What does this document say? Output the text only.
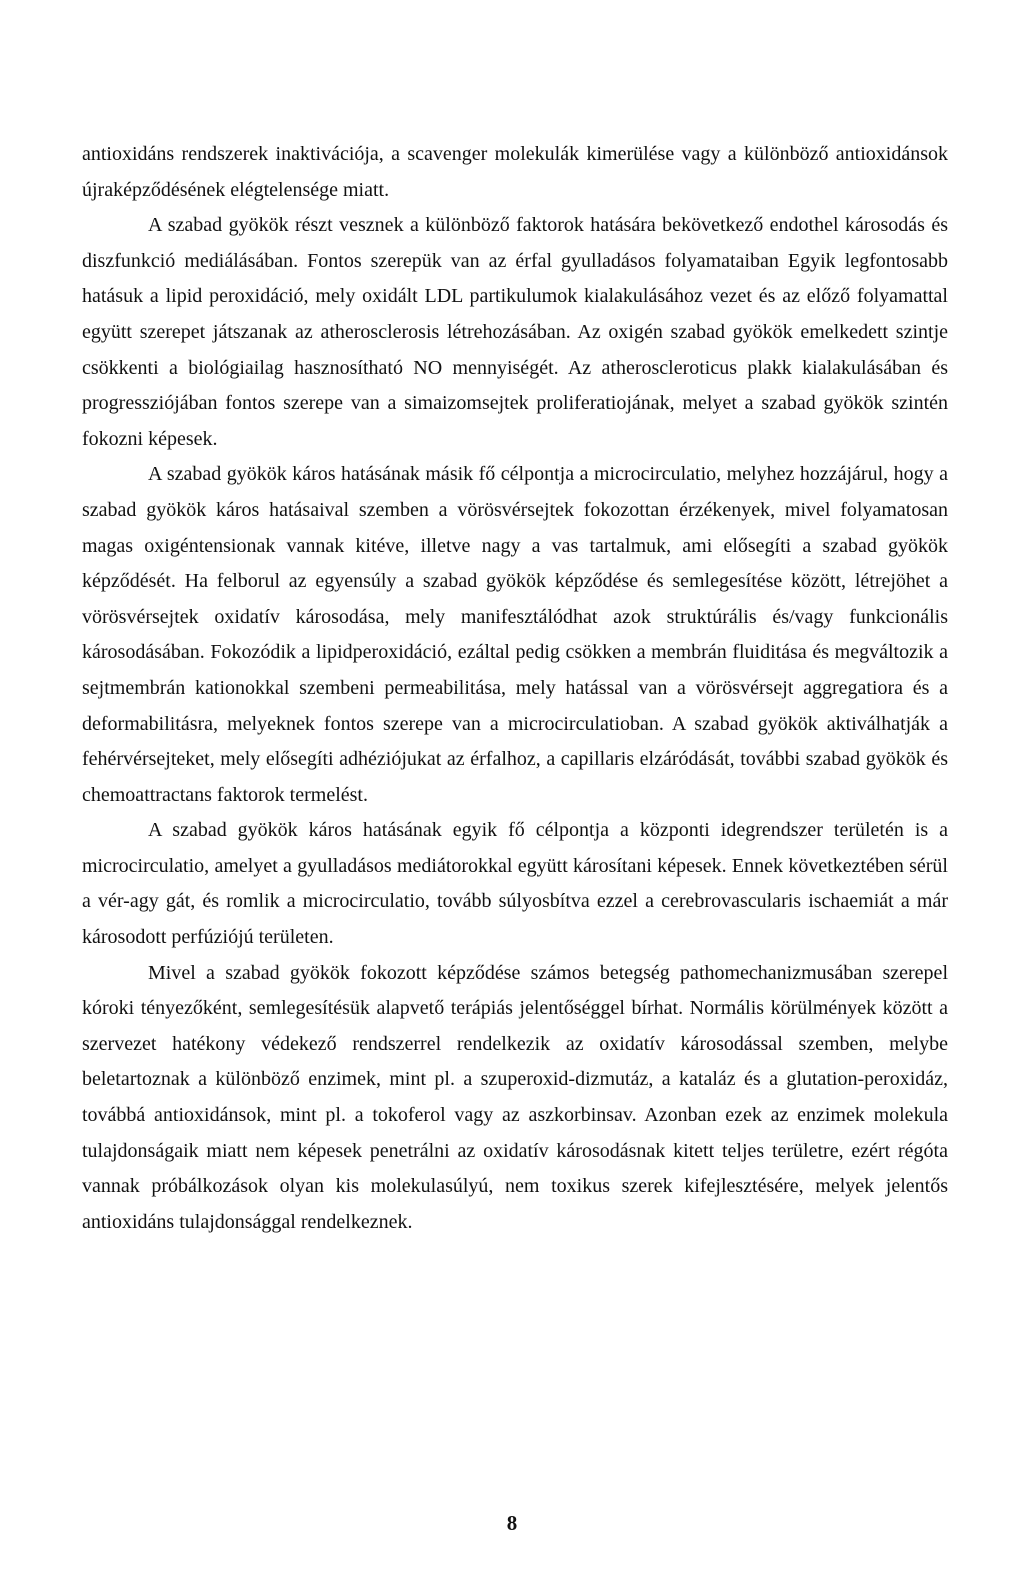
antioxidáns rendszerek inaktivációja, a scavenger molekulák kimerülése vagy a különböző antioxidánsok újraképződésének elégtelensége miatt.

A szabad gyökök részt vesznek a különböző faktorok hatására bekövetkező endothel károsodás és diszfunkció mediálásában. Fontos szerepük van az érfal gyulladásos folyamataiban Egyik legfontosabb hatásuk a lipid peroxidáció, mely oxidált LDL partikulumok kialakulásához vezet és az előző folyamattal együtt szerepet játszanak az atherosclerosis létrehozásában. Az oxigén szabad gyökök emelkedett szintje csökkenti a biológiailag hasznosítható NO mennyiségét. Az atheroscleroticus plakk kialakulásában és progressziójában fontos szerepe van a simaizomsejtek proliferatiojának, melyet a szabad gyökök szintén fokozni képesek.

A szabad gyökök káros hatásának másik fő célpontja a microcirculatio, melyhez hozzájárul, hogy a szabad gyökök káros hatásaival szemben a vörösvérsejtek fokozottan érzékenyek, mivel folyamatosan magas oxigéntensionak vannak kitéve, illetve nagy a vas tartalmuk, ami elősegíti a szabad gyökök képződését. Ha felborul az egyensúly a szabad gyökök képződése és semlegesítése között, létrejöhet a vörösvérsejtek oxidatív károsodása, mely manifesztálódhat azok struktúrális és/vagy funkcionális károsodásában. Fokozódik a lipidperoxidáció, ezáltal pedig csökken a membrán fluiditása és megváltozik a sejtmembrán kationokkal szembeni permeabilitása, mely hatással van a vörösvérsejt aggregatiora és a deformabilitásra, melyeknek fontos szerepe van a microcirculatioban. A szabad gyökök aktiválhatják a fehérvérsejteket, mely elősegíti adhéziójukat az érfalhoz, a capillaris elzáródását, további szabad gyökök és chemoattractans faktorok termelést.

A szabad gyökök káros hatásának egyik fő célpontja a központi idegrendszer területén is a microcirculatio, amelyet a gyulladásos mediátorokkal együtt károsítani képesek. Ennek következtében sérül a vér-agy gát, és romlik a microcirculatio, tovább súlyosbítva ezzel a cerebrovascularis ischaemiát a már károsodott perfúziójú területen.

Mivel a szabad gyökök fokozott képződése számos betegség pathomechanizmusában szerepel kóroki tényezőként, semlegesítésük alapvető terápiás jelentőséggel bírhat. Normális körülmények között a szervezet hatékony védekező rendszerrel rendelkezik az oxidatív károsodással szemben, melybe beletartoznak a különböző enzimek, mint pl. a szuperoxid-dizmutáz, a kataláz és a glutation-peroxidáz, továbbá antioxidánsok, mint pl. a tokoferol vagy az aszkorbinsav. Azonban ezek az enzimek molekula tulajdonságaik miatt nem képesek penetrálni az oxidatív károsodásnak kitett teljes területre, ezért régóta vannak próbálkozások olyan kis molekulasúlyú, nem toxikus szerek kifejlesztésére, melyek jelentős antioxidáns tulajdonsággal rendelkeznek.

8
